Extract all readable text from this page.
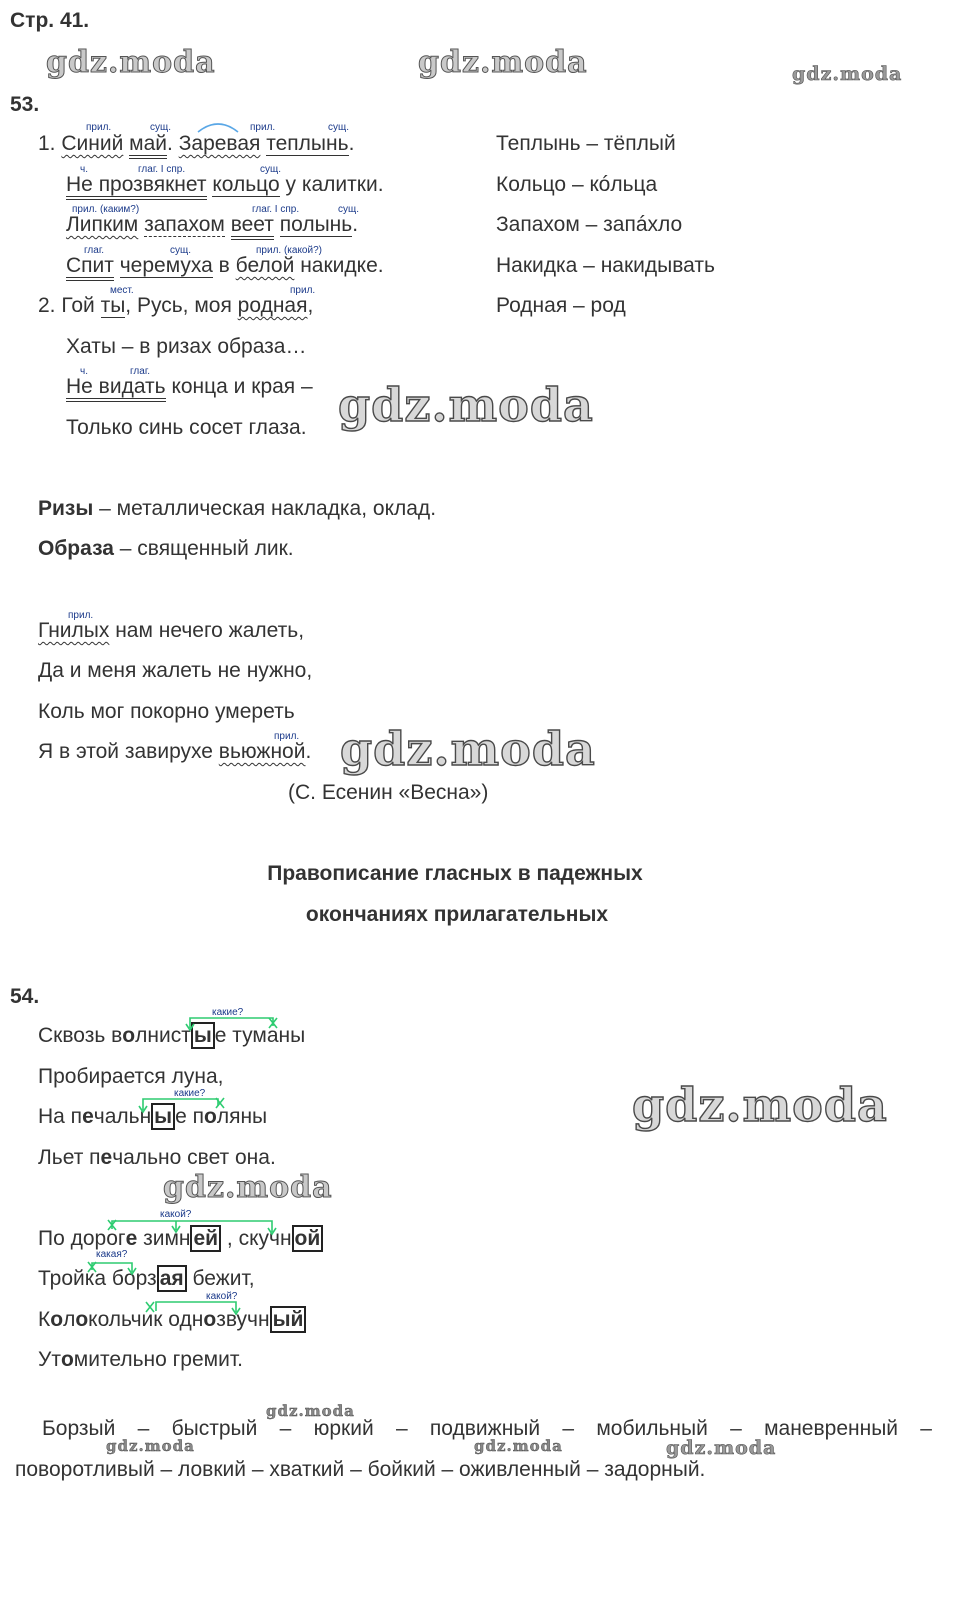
Стр. 41.
gdz.moda	gdz.moda	gdz.moda
53.
прил.	сущ.	прил.	сущ.
1. Синий май. Заревая теплынь.
ч.	глаг. I спр.	сущ.
Не прозвякнет кольцо у калитки.
прил. (каким?)	глаг. I спр.	сущ.
Липким запахом веет полынь.
глаг.	сущ.	прил. (какой?)
Спит черемуха в белой накидке.
мест.	прил.
2. Гой ты, Русь, моя родная,
Хаты – в ризах образа…
ч.	глаг.
Не видать конца и края –
Только синь сосет глаза. gdz.moda
Теплынь – тёплый
Кольцо – кóльца
Запахом – запáхло
Накидка – накидывать
Родная – род
Ризы – металлическая накладка, оклад.
Образа – священный лик.
прил.
Гнилых нам нечего жалеть,
Да и меня жалеть не нужно,
Коль мог покорно умереть
прил.
Я в этой завирухе вьюжной. gdz.moda
(С. Есенин «Весна»)
Правописание гласных в падежных
окончаниях прилагательных
54.
Сквозь волнист ы е туманы
Пробирается луна,
На печальн ы е поляны
Льет печально свет она.
По дороге зимн ей , скучн ой
Тройка борз ая бежит,
Колокольчик однозвучн ый
Утомительно гремит.
какие?
какие?
какой?
какая?
какой?
gdz.moda
gdz.moda
Борзый – быстрый – юркий – подвижный – мобильный – маневренный –
поворотливый – ловкий – хваткий – бойкий – оживленный – задорный.
gdz.moda
gdz.moda	gdz.moda	gdz.moda
